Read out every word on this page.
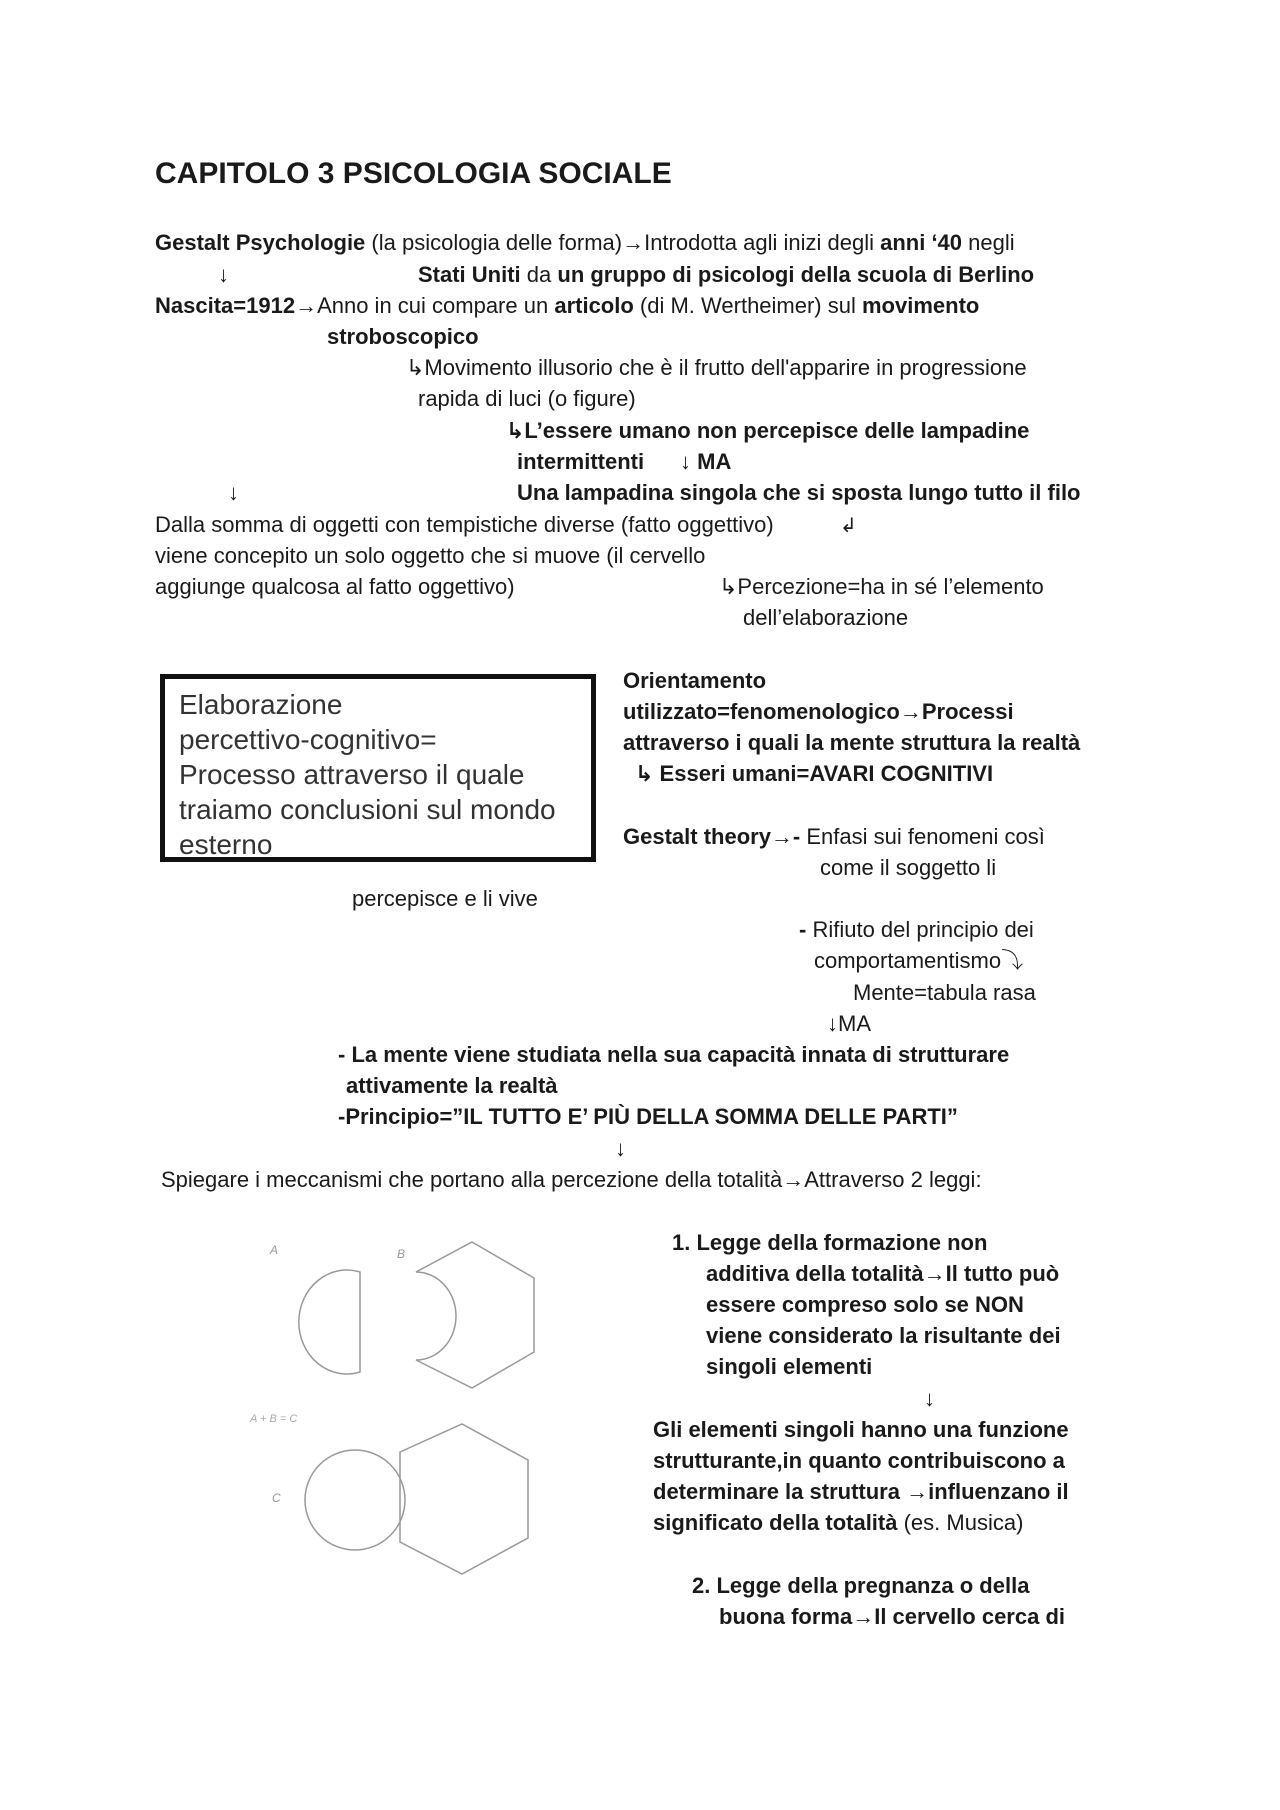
CAPITOLO 3 PSICOLOGIA SOCIALE
Gestalt Psychologie (la psicologia delle forma)→Introdotta agli inizi degli anni ‘40 negli
↓	Stati Uniti da un gruppo di psicologi della scuola di Berlino
Nascita=1912→Anno in cui compare un articolo (di M. Wertheimer) sul movimento
stroboscopico
↳Movimento illusorio che è il frutto dell'apparire in progressione
rapida di luci (o figure)
↳L’essere umano non percepisce delle lampadine
intermittenti ↓ MA
↓	Una lampadina singola che si sposta lungo tutto il filo
Dalla somma di oggetti con tempistiche diverse (fatto oggettivo)	↲
viene concepito un solo oggetto che si muove (il cervello
aggiunge qualcosa al fatto oggettivo)	↳Percezione=ha in sé l’elemento
dell’elaborazione
Elaborazione
percettivo-cognitivo=
Processo attraverso il quale
traiamo conclusioni sul mondo
esterno
Orientamento
utilizzato=fenomenologico→Processi
attraverso i quali la mente struttura la realtà
↳ Esseri umani=AVARI COGNITIVI
Gestalt theory→- Enfasi sui fenomeni così
come il soggetto li
percepisce e li vive
- Rifiuto del principio dei
comportamentismo⤵
Mente=tabula rasa
↓MA
- La mente viene studiata nella sua capacità innata di strutturare
attivamente la realtà
-Principio=”IL TUTTO E’ PIÙ DELLA SOMMA DELLE PARTI”
↓
Spiegare i meccanismi che portano alla percezione della totalità→Attraverso 2 leggi:
A	B
A + B = C
C
1. Legge della formazione non
additiva della totalità→Il tutto può
essere compreso solo se NON
viene considerato la risultante dei
singoli elementi
↓
Gli elementi singoli hanno una funzione
strutturante,in quanto contribuiscono a
determinare la struttura →influenzano il
significato della totalità (es. Musica)
2. Legge della pregnanza o della
buona forma→Il cervello cerca di
